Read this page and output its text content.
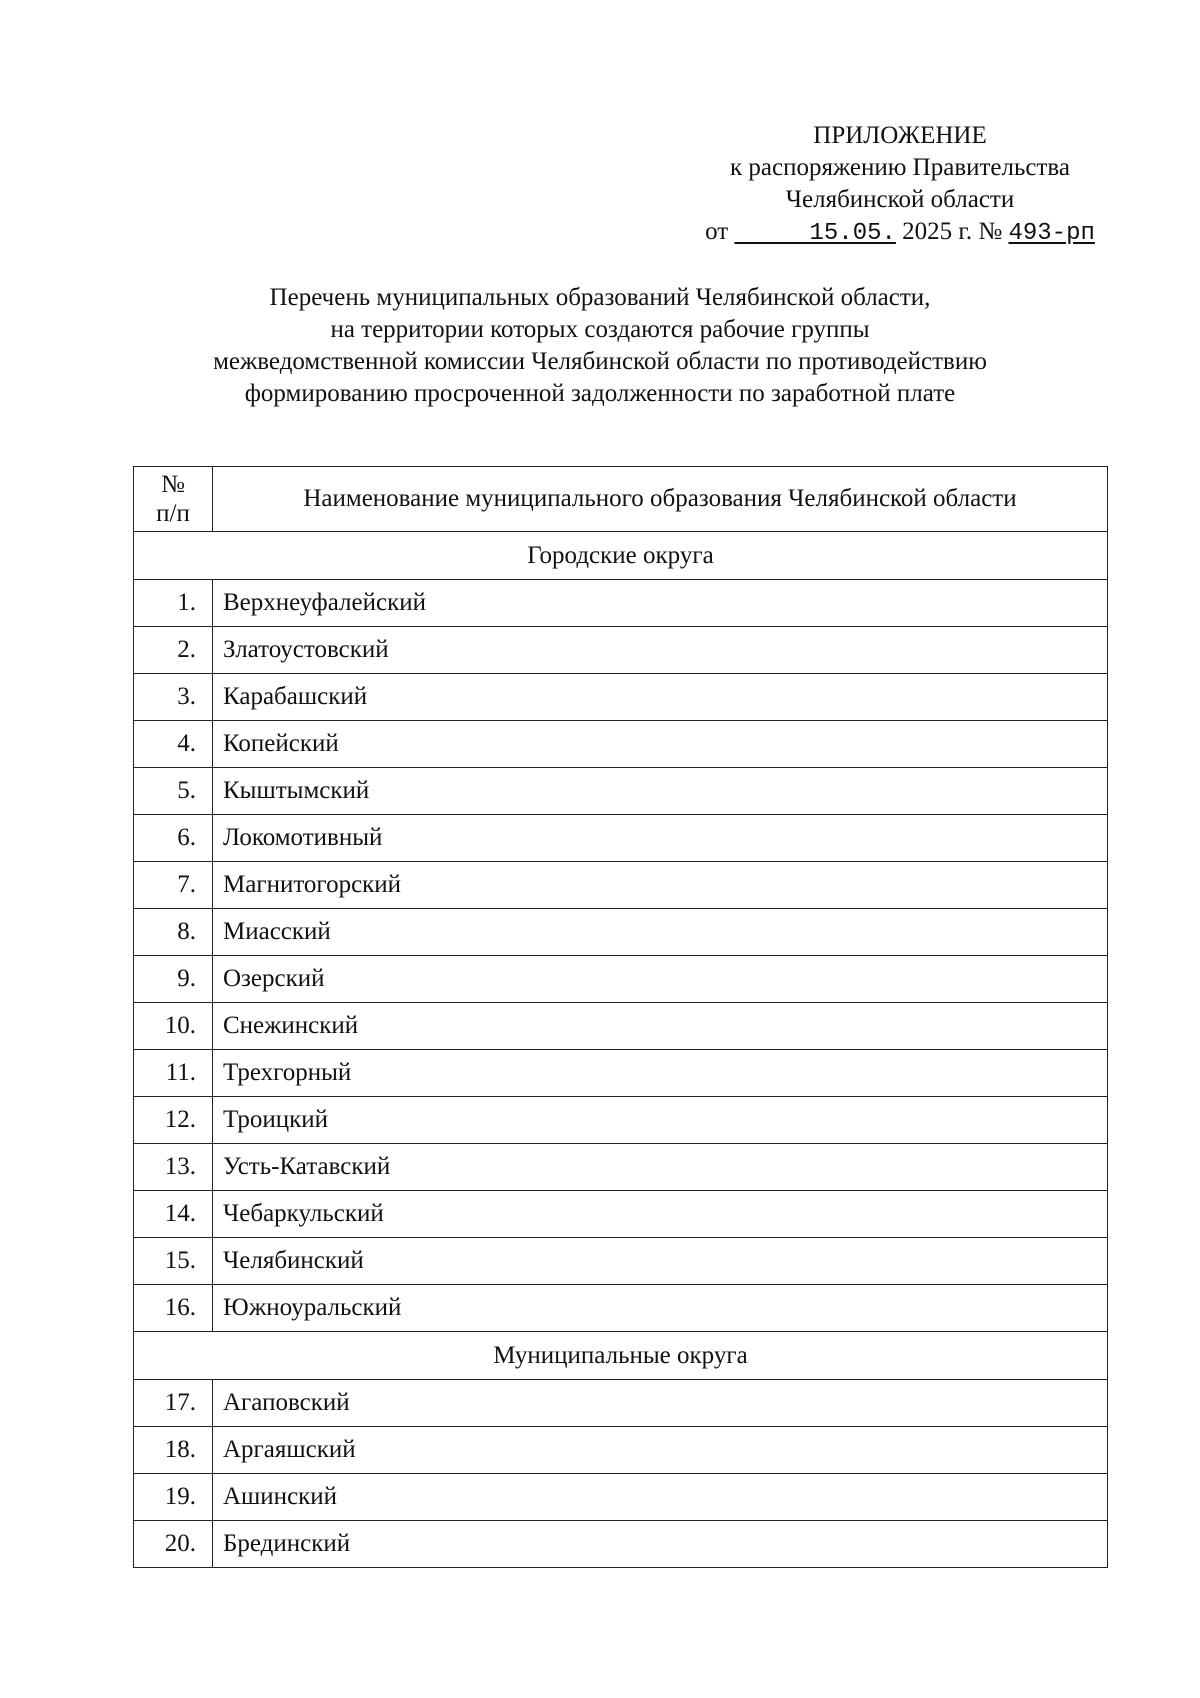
ПРИЛОЖЕНИЕ
к распоряжению Правительства
Челябинской области
от	15.05. 2025 г. № 493-рп
Перечень муниципальных образований Челябинской области,
на территории которых создаются рабочие группы
межведомственной комиссии Челябинской области по противодействию
формированию просроченной задолженности по заработной плате
№
п/п	Наименование муниципального образования Челябинской области
Городские округа	
1.	Верхнеуфалейский
2.	Златоустовский
3.	Карабашский
4.	Копейский
5.	Кыштымский
6.	Локомотивный
7.	Магнитогорский
8.	Миасский
9.	Озерский
10.	Снежинский
11.	Трехгорный
12.	Троицкий
13.	Усть-Катавский
14.	Чебаркульский
15.	Челябинский
16.	Южноуральский
Муниципальные округа	
17.	Агаповский
18.	Аргаяшский
19.	Ашинский
20.	Брединский
